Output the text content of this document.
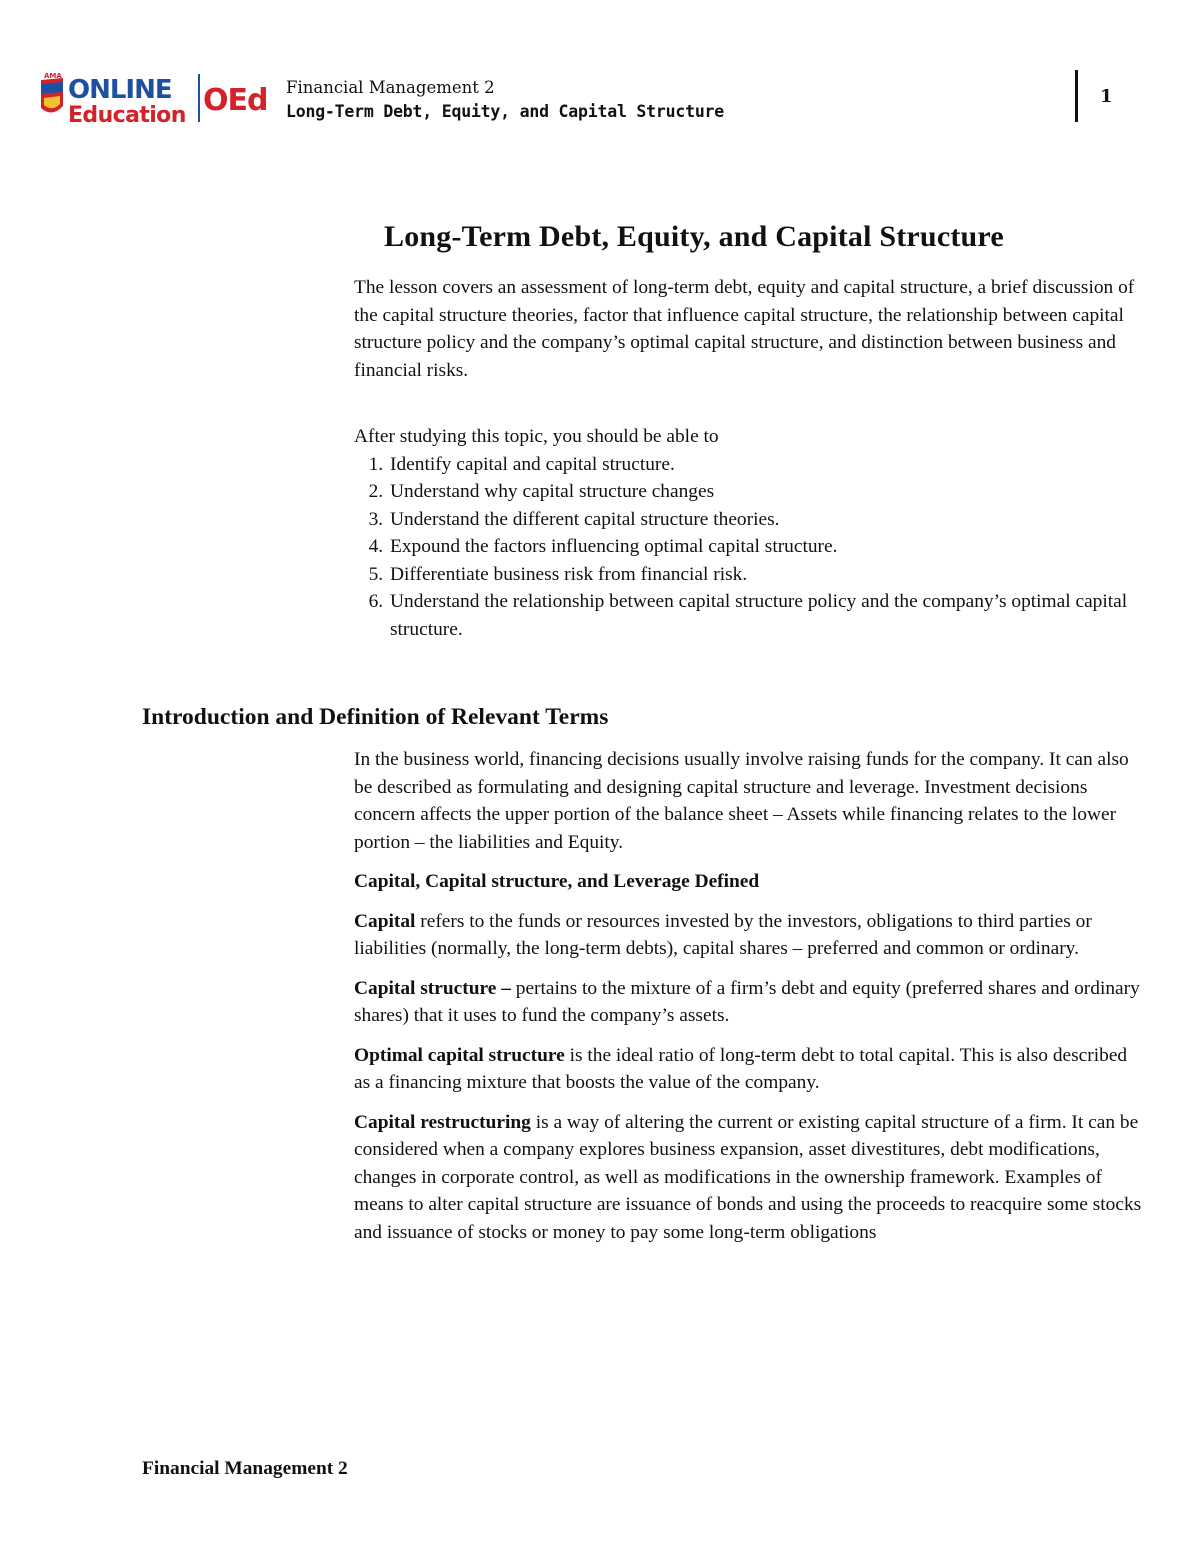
AMA ONLINE
Education OEd Financial Management 2
Long-Term Debt, Equity, and Capital Structure
1
Long-Term Debt, Equity, and Capital Structure

The lesson covers an assessment of long-term debt, equity and capital structure, a brief discussion of the capital structure theories, factor that influence capital structure, the relationship between capital structure policy and the company’s optimal capital structure, and distinction between business and financial risks.

After studying this topic, you should be able to

1. Identify capital and capital structure.
2. Understand why capital structure changes
3. Understand the different capital structure theories.
4. Expound the factors influencing optimal capital structure.
5. Differentiate business risk from financial risk.
6. Understand the relationship between capital structure policy and the company’s optimal capital structure.
Introduction and Definition of Relevant Terms

In the business world, financing decisions usually involve raising funds for the company. It can also be described as formulating and designing capital structure and leverage. Investment decisions concern affects the upper portion of the balance sheet – Assets while financing relates to the lower portion – the liabilities and Equity.

Capital, Capital structure, and Leverage Defined

Capital refers to the funds or resources invested by the investors, obligations to third parties or liabilities (normally, the long-term debts), capital shares – preferred and common or ordinary.

Capital structure – pertains to the mixture of a firm’s debt and equity (preferred shares and ordinary shares) that it uses to fund the company’s assets.

Optimal capital structure is the ideal ratio of long-term debt to total capital. This is also described as a financing mixture that boosts the value of the company.

Capital restructuring is a way of altering the current or existing capital structure of a firm. It can be considered when a company explores business expansion, asset divestitures, debt modifications, changes in corporate control, as well as modifications in the ownership framework. Examples of means to alter capital structure are issuance of bonds and using the proceeds to reacquire some stocks and issuance of stocks or money to pay some long-term obligations

Financial Management 2
